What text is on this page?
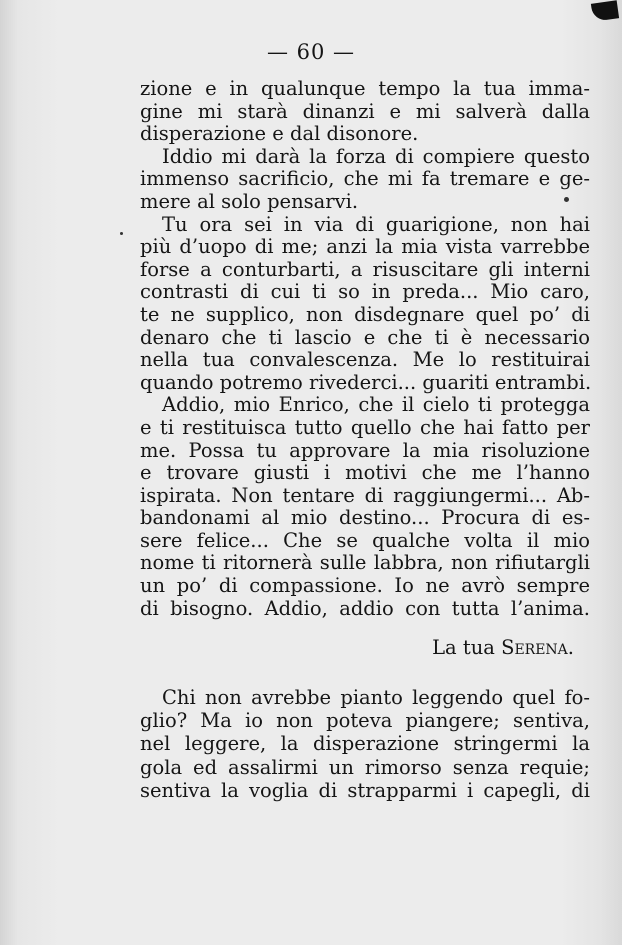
— 60 —
zione e in qualunque tempo la tua imma-
gine mi starà dinanzi e mi salverà dalla
disperazione e dal disonore.
Iddio mi darà la forza di compiere questo
immenso sacrificio, che mi fa tremare e ge-
mere al solo pensarvi.
Tu ora sei in via di guarigione, non hai
più d’uopo di me; anzi la mia vista varrebbe
forse a conturbarti, a risuscitare gli interni
contrasti di cui ti so in preda... Mio caro,
te ne supplico, non disdegnare quel po’ di
denaro che ti lascio e che ti è necessario
nella tua convalescenza. Me lo restituirai
quando potremo rivederci... guariti entrambi.
Addio, mio Enrico, che il cielo ti protegga
e ti restituisca tutto quello che hai fatto per
me. Possa tu approvare la mia risoluzione
e trovare giusti i motivi che me l’hanno
ispirata. Non tentare di raggiungermi... Ab-
bandonami al mio destino... Procura di es-
sere felice... Che se qualche volta il mio
nome ti ritornerà sulle labbra, non rifiutargli
un po’ di compassione. Io ne avrò sempre
di bisogno. Addio, addio con tutta l’anima.
La tua Serena.
Chi non avrebbe pianto leggendo quel fo-
glio? Ma io non poteva piangere; sentiva,
nel leggere, la disperazione stringermi la
gola ed assalirmi un rimorso senza requie;
sentiva la voglia di strapparmi i capegli, di
